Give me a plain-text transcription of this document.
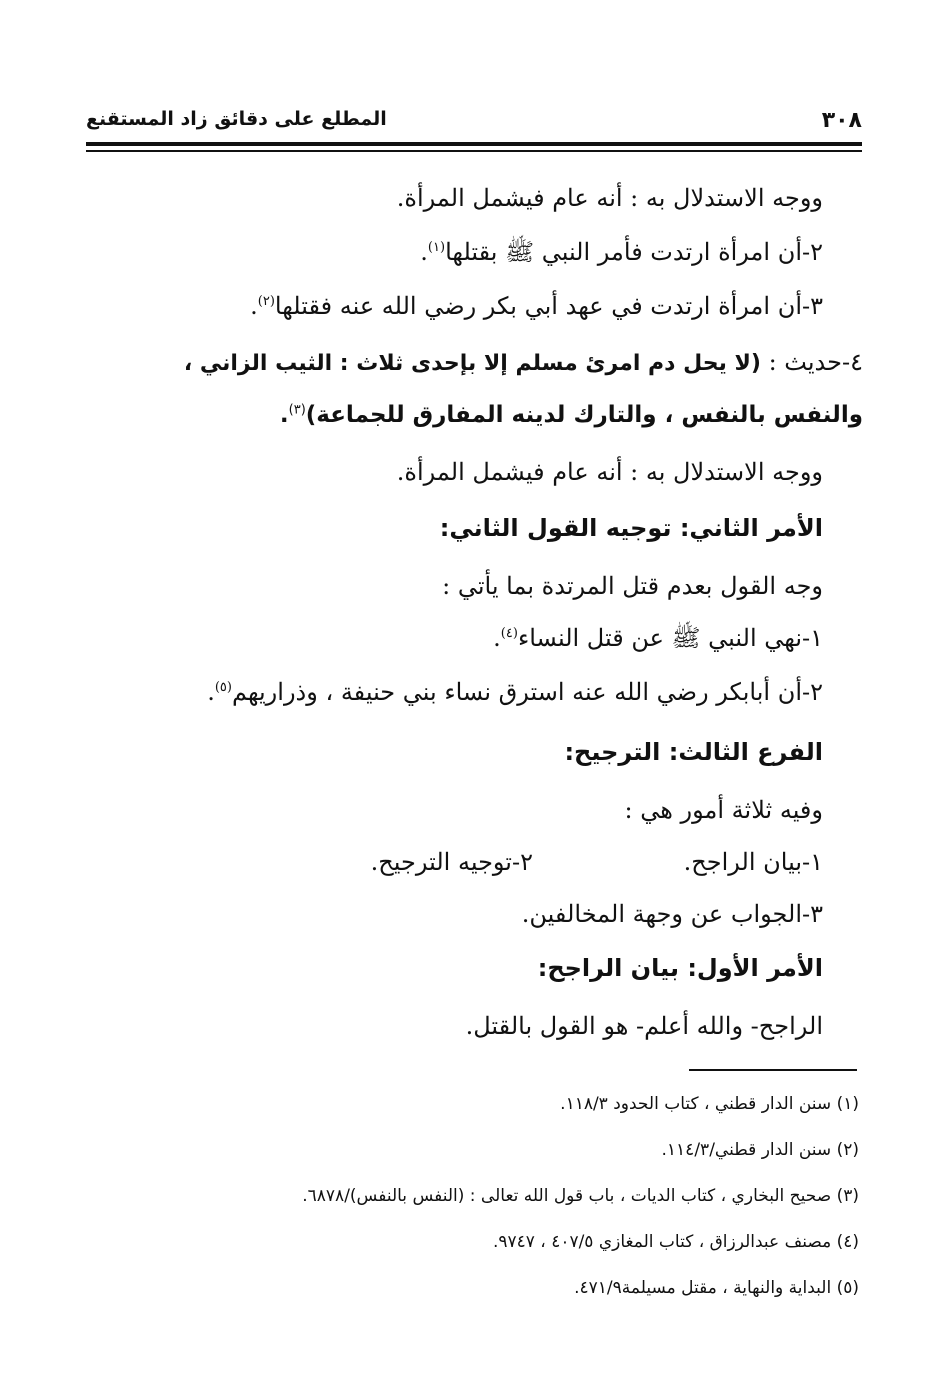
٣٠٨
المطلع على دقائق زاد المستقنع
ووجه الاستدلال به : أنه عام فيشمل المرأة.
٢-أن امرأة ارتدت فأمر النبي ﷺ بقتلها$^{(١)}$.
٣-أن امرأة ارتدت في عهد أبي بكر رضي الله عنه فقتلها$^{(٢)}$.
٤-حديث : (لا يحل دم امرئ مسلم إلا بإحدى ثلاث : الثيب الزاني ،
والنفس بالنفس ، والتارك لدينه المفارق للجماعة)$^{(٣)}$.
ووجه الاستدلال به : أنه عام فيشمل المرأة.
الأمر الثاني: توجيه القول الثاني:
وجه القول بعدم قتل المرتدة بما يأتي :
١-نهي النبي ﷺ عن قتل النساء$^{(٤)}$.
٢-أن أبابكر رضي الله عنه استرق نساء بني حنيفة ، وذراريهم$^{(٥)}$.
الفرع الثالث: الترجيح:
وفيه ثلاثة أمور هي :
١-بيان الراجح.
٢-توجيه الترجيح.
٣-الجواب عن وجهة المخالفين.
الأمر الأول: بيان الراجح:
الراجح- والله أعلم- هو القول بالقتل.
(١) سنن الدار قطني ، كتاب الحدود ١١٨/٣.
(٢) سنن الدار قطني/١١٤/٣.
(٣) صحيح البخاري ، كتاب الديات ، باب قول الله تعالى : (النفس بالنفس)/٦٨٧٨.
(٤) مصنف عبدالرزاق ، كتاب المغازي ٤٠٧/٥ ، ٩٧٤٧.
(٥) البداية والنهاية ، مقتل مسيلمة٤٧١/٩.
